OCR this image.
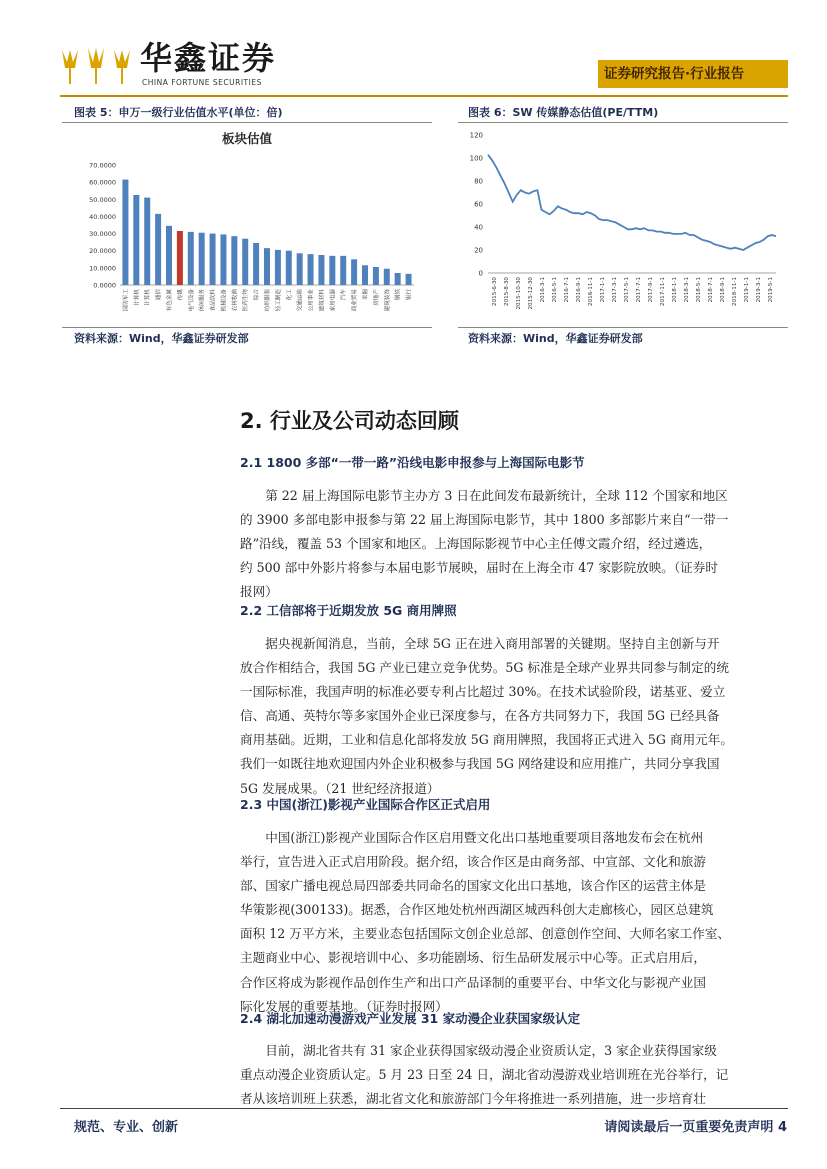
华鑫证券
CHINA FORTUNE SECURITIES
证券研究报告·行业报告
图表 5：申万一级行业估值水平(单位：倍)
板块估值
0.0000
10.0000
20.0000
30.0000
40.0000
50.0000
60.0000
70.0000
国防军工 计算机 计算机 通信 有色金属 传媒 电气设备 休闲服务 食品饮料 机械设备 农林牧渔 医药生物 综合 纺织服装 轻工制造 化工 交通运输 公用事业 建筑材料 家用电器 汽车 商业贸易 采掘 房地产 建筑装饰 钢铁 银行
资料来源：Wind，华鑫证券研发部
图表 6：SW 传媒静态估值(PE/TTM)
0
20
40
60
80
100
120
2015-6-30 2015-8-30 2015-10-30 2015-12-30 2016-3-1 2016-5-1 2016-7-1 2016-9-1 2016-11-1 2017-1-1 2017-3-1 2017-5-1 2017-7-1 2017-9-1 2017-11-1 2018-1-1 2018-3-1 2018-5-1 2018-7-1 2018-9-1 2018-11-1 2019-1-1 2019-3-1 2019-5-1
资料来源：Wind，华鑫证券研发部
2. 行业及公司动态回顾
2.1 1800 多部“一带一路”沿线电影申报参与上海国际电影节
第 22 届上海国际电影节主办方 3 日在此间发布最新统计，全球 112 个国家和地区
的 3900 多部电影申报参与第 22 届上海国际电影节，其中 1800 多部影片来自“一带一
路”沿线，覆盖 53 个国家和地区。上海国际影视节中心主任傅文霞介绍，经过遴选，
约 500 部中外影片将参与本届电影节展映，届时在上海全市 47 家影院放映。（证券时
报网）
2.2 工信部将于近期发放 5G 商用牌照
据央视新闻消息，当前，全球 5G 正在进入商用部署的关键期。坚持自主创新与开
放合作相结合，我国 5G 产业已建立竞争优势。5G 标准是全球产业界共同参与制定的统
一国际标准，我国声明的标准必要专利占比超过 30%。在技术试验阶段，诺基亚、爱立
信、高通、英特尔等多家国外企业已深度参与，在各方共同努力下，我国 5G 已经具备
商用基础。近期，工业和信息化部将发放 5G 商用牌照，我国将正式进入 5G 商用元年。
我们一如既往地欢迎国内外企业积极参与我国 5G 网络建设和应用推广，共同分享我国
5G 发展成果。（21 世纪经济报道）
2.3 中国(浙江)影视产业国际合作区正式启用
中国(浙江)影视产业国际合作区启用暨文化出口基地重要项目落地发布会在杭州
举行，宣告进入正式启用阶段。据介绍，该合作区是由商务部、中宣部、文化和旅游
部、国家广播电视总局四部委共同命名的国家文化出口基地，该合作区的运营主体是
华策影视(300133)。据悉，合作区地处杭州西湖区城西科创大走廊核心，园区总建筑
面积 12 万平方米，主要业态包括国际文创企业总部、创意创作空间、大师名家工作室、
主题商业中心、影视培训中心、多功能剧场、衍生品研发展示中心等。正式启用后，
合作区将成为影视作品创作生产和出口产品译制的重要平台、中华文化与影视产业国
际化发展的重要基地。（证券时报网）
2.4 湖北加速动漫游戏产业发展 31 家动漫企业获国家级认定
目前，湖北省共有 31 家企业获得国家级动漫企业资质认定，3 家企业获得国家级
重点动漫企业资质认定。5 月 23 日至 24 日，湖北省动漫游戏业培训班在光谷举行，记
者从该培训班上获悉，湖北省文化和旅游部门今年将推进一系列措施，进一步培育壮
规范、专业、创新	请阅读最后一页重要免责声明 4
